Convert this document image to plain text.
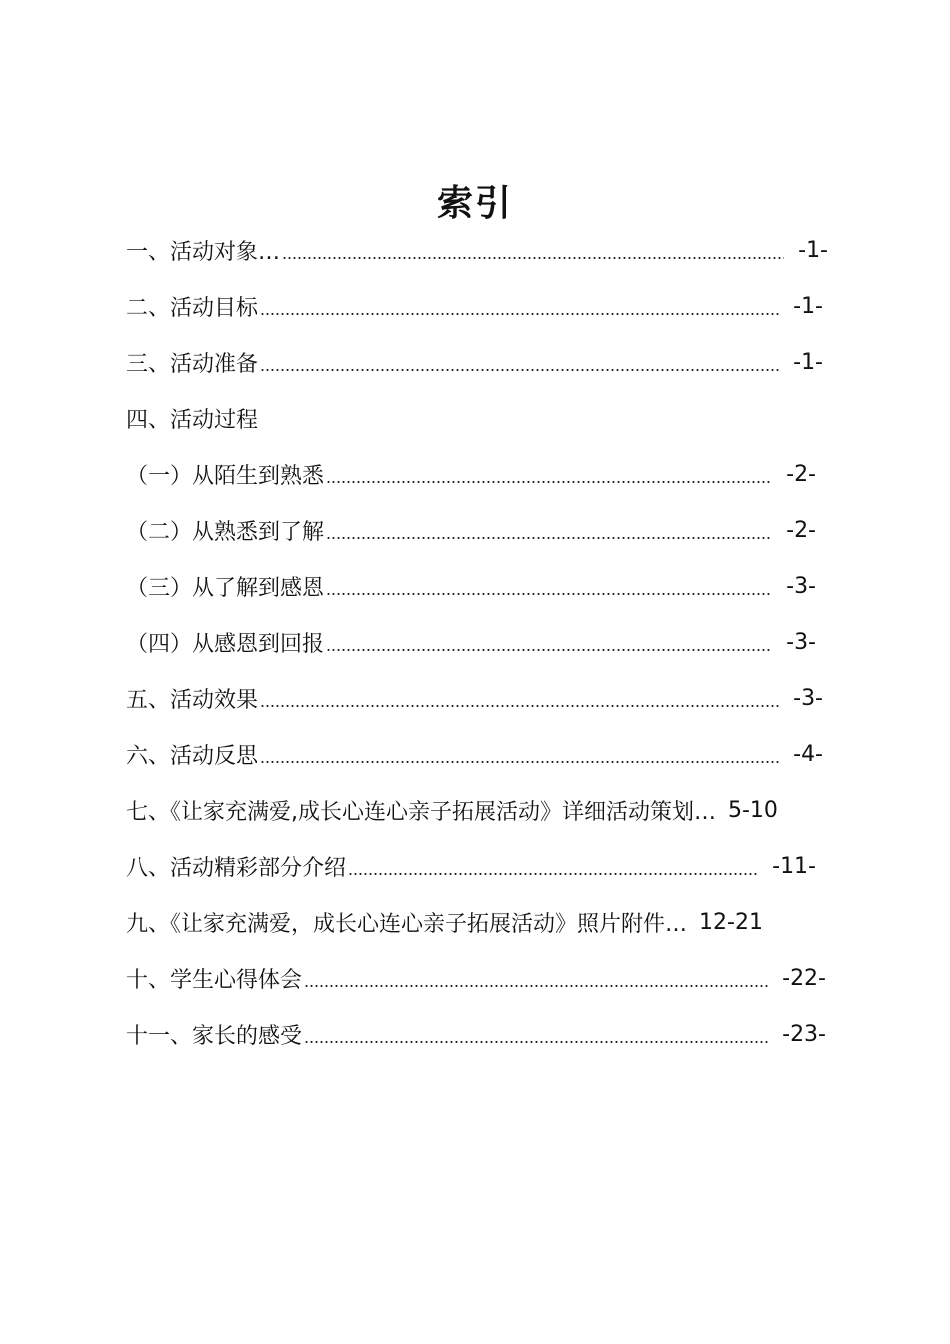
索引
一、活动对象…	-1-
二、活动目标	-1-
三、活动准备	-1-
四、活动过程
（一）从陌生到熟悉	-2-
（二）从熟悉到了解	-2-
（三）从了解到感恩	-3-
（四）从感恩到回报	-3-
五、活动效果	-3-
六、活动反思	-4-
七、《让家充满爱,成长心连心亲子拓展活动》详细活动策划… 5-10
八、活动精彩部分介绍	-11-
九、《让家充满爱，成长心连心亲子拓展活动》照片附件… 12-21
十、学生心得体会	-22-
十一、家长的感受	-23-
